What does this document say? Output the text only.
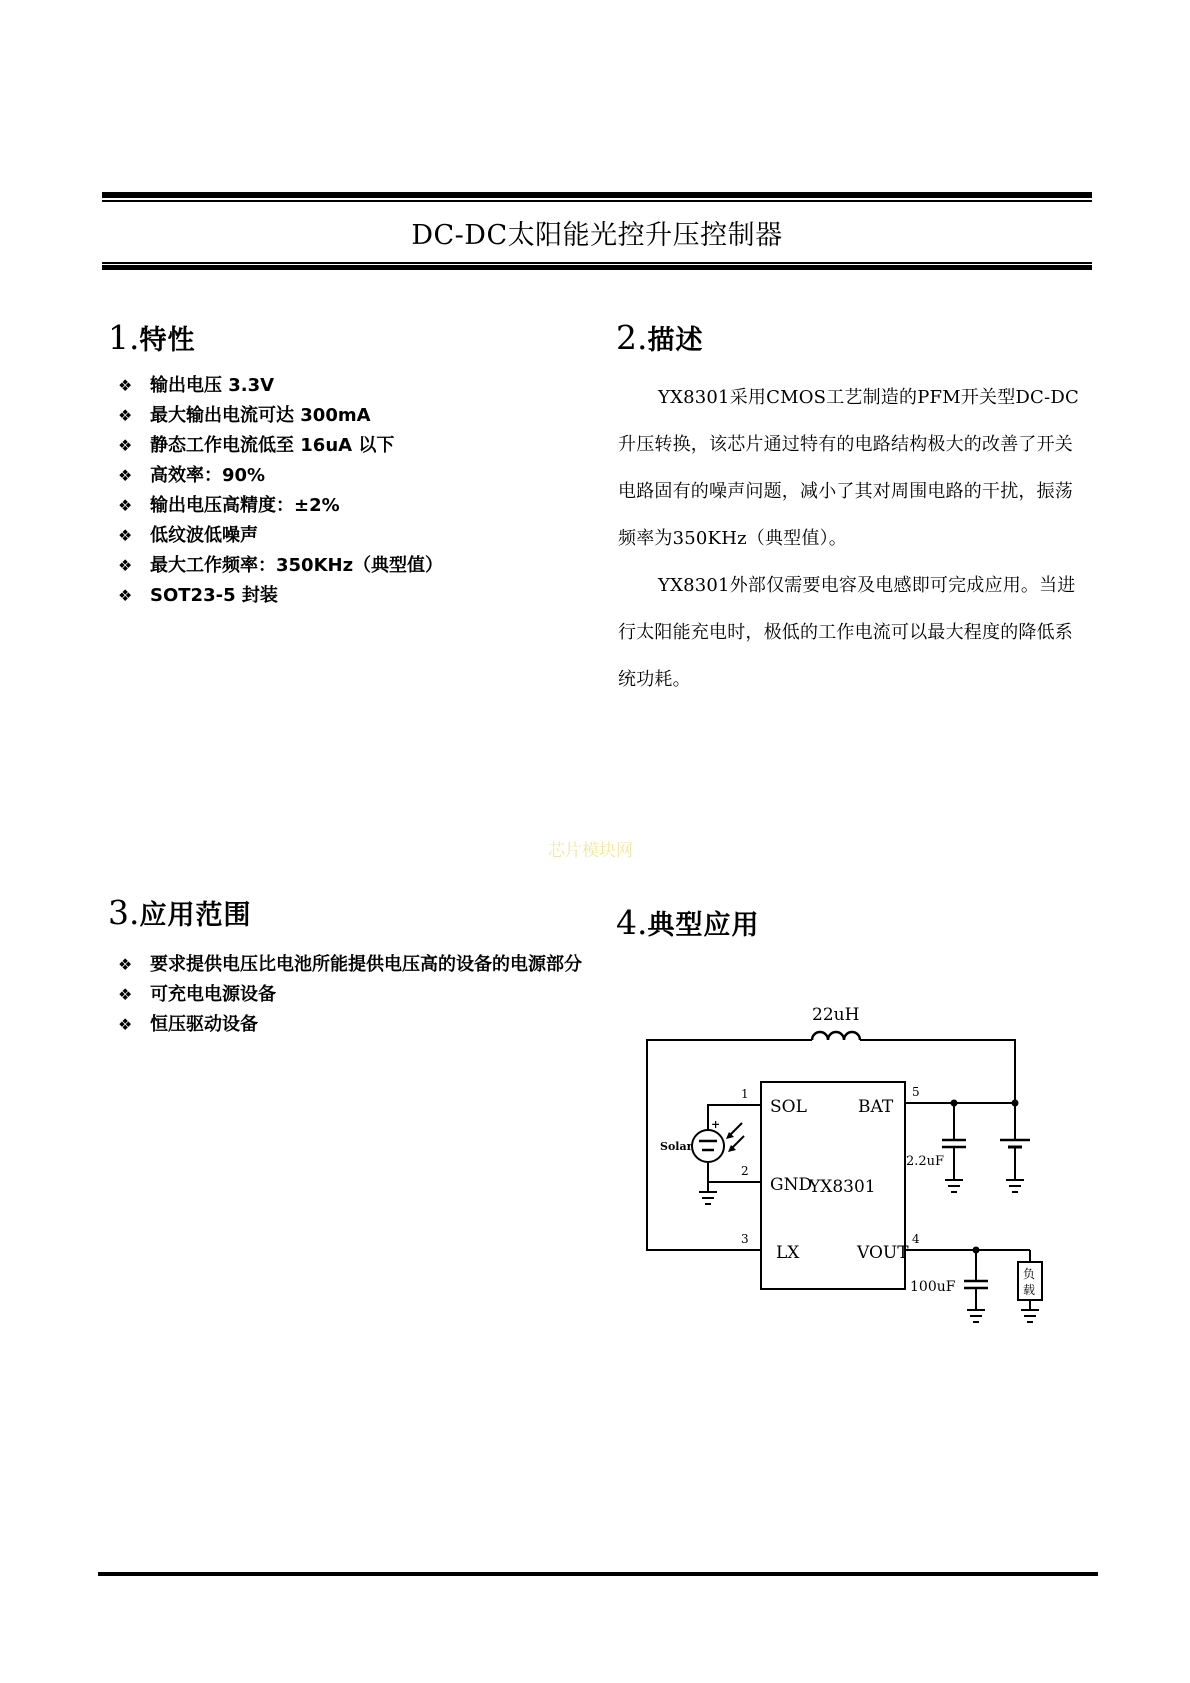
DC-DC太阳能光控升压控制器
1.特性
❖ 输出电压 3.3V
❖ 最大输出电流可达 300mA
❖ 静态工作电流低至 16uA 以下
❖ 高效率：90%
❖ 输出电压高精度：±2%
❖ 低纹波低噪声
❖ 最大工作频率：350KHz（典型值）
❖ SOT23-5 封装
2.描述

YX8301采用CMOS工艺制造的PFM开关型DC-DC升压转换，该芯片通过特有的电路结构极大的改善了开关电路固有的噪声问题，减小了其对周围电路的干扰，振荡频率为350KHz（典型值）。

YX8301外部仅需要电容及电感即可完成应用。当进行太阳能充电时，极低的工作电流可以最大程度的降低系统功耗。

芯片模块网
3.应用范围
❖ 要求提供电压比电池所能提供电压高的设备的电源部分
❖ 可充电电源设备
❖ 恒压驱动设备
4.典型应用
22uH
SOL
GND
YX8301
LX
BAT
VOUT
1
2
3	4
5
2.2uF
100uF
Solar
+
负
载
